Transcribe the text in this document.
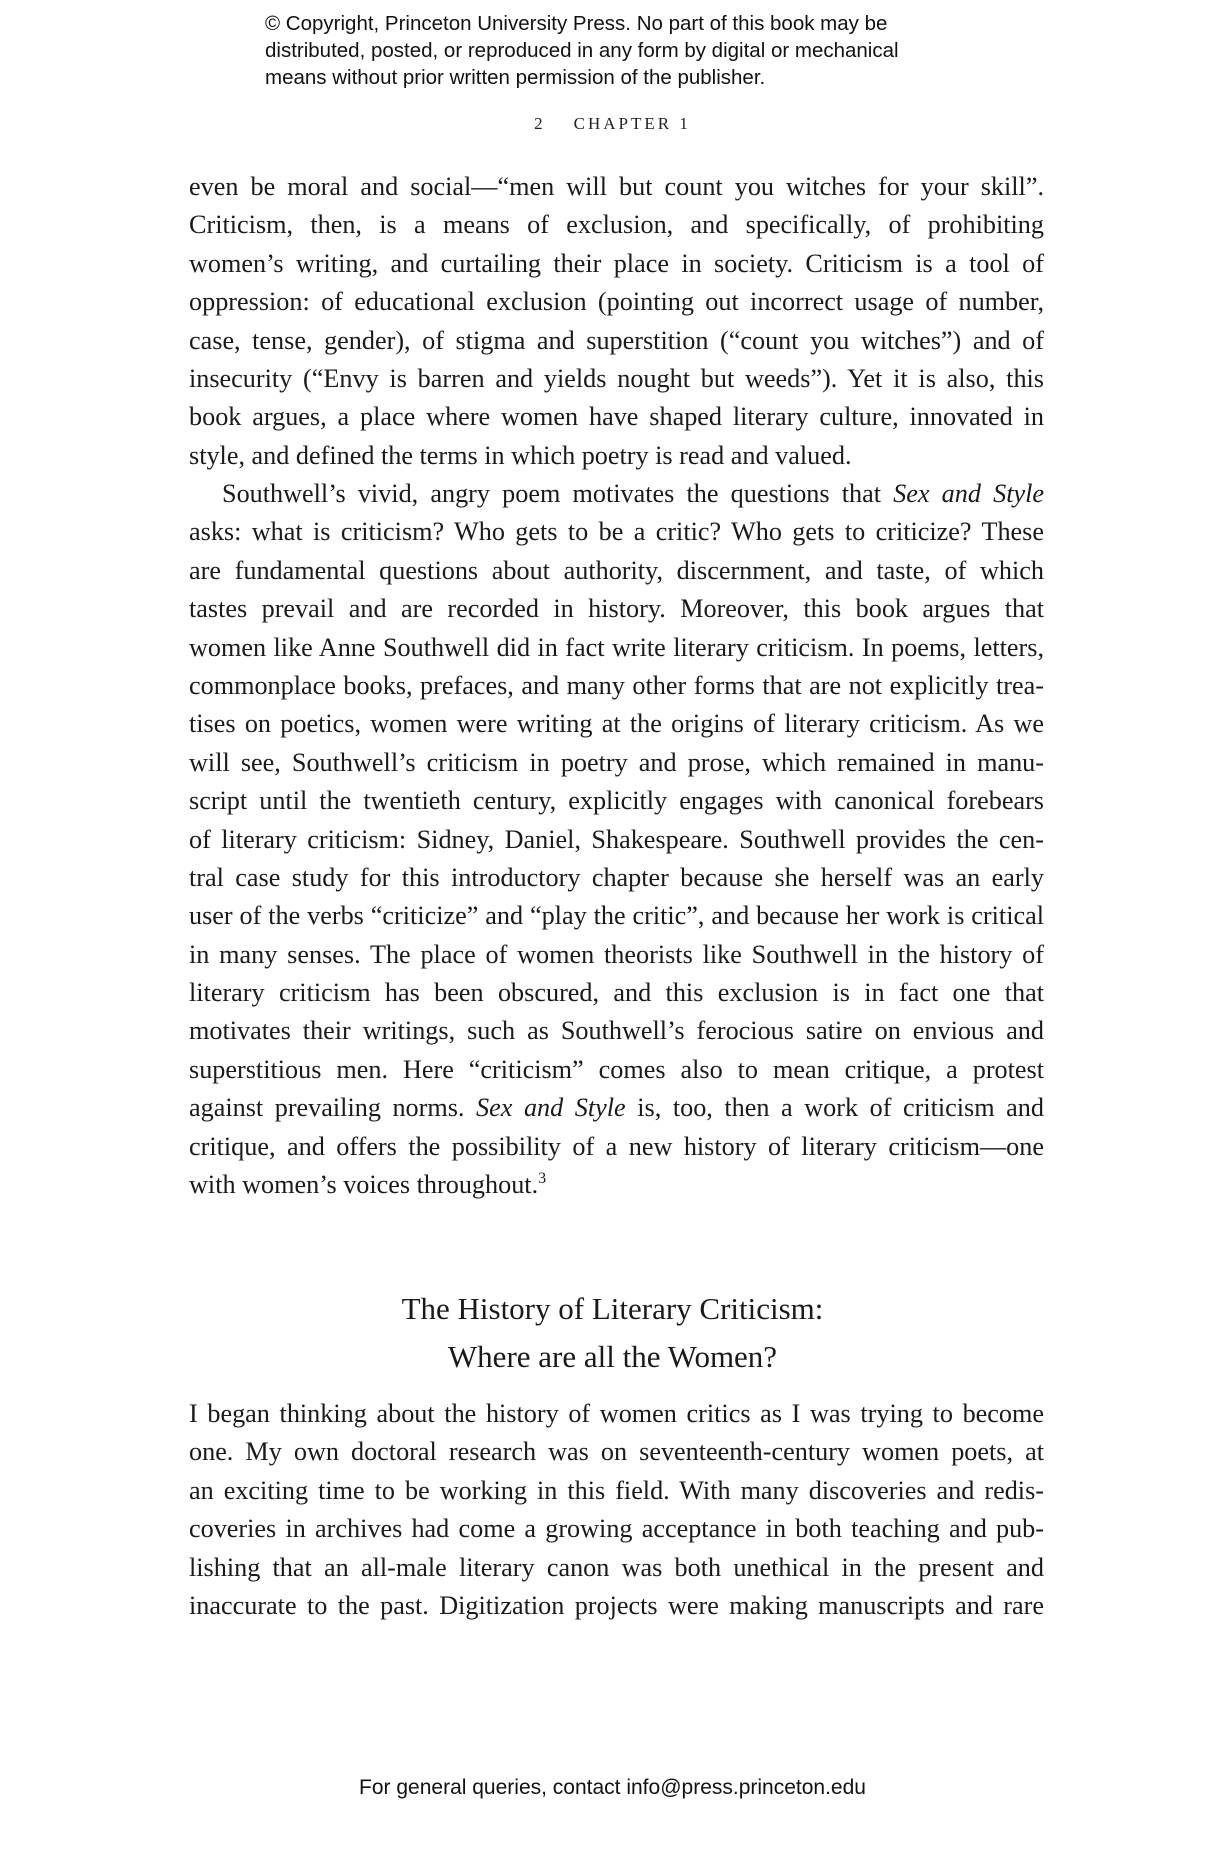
© Copyright, Princeton University Press. No part of this book may be
distributed, posted, or reproduced in any form by digital or mechanical
means without prior written permission of the publisher.
2 CHAPTER 1
even be moral and social—“men will but count you witches for your skill”.
Criticism, then, is a means of exclusion, and specifically, of prohibiting
women’s writing, and curtailing their place in society. Criticism is a tool of
oppression: of educational exclusion (pointing out incorrect usage of number,
case, tense, gender), of stigma and superstition (“count you witches”) and of
insecurity (“Envy is barren and yields nought but weeds”). Yet it is also, this
book argues, a place where women have shaped literary culture, innovated in
style, and defined the terms in which poetry is read and valued.
Southwell’s vivid, angry poem motivates the questions that Sex and Style
asks: what is criticism? Who gets to be a critic? Who gets to criticize? These
are fundamental questions about authority, discernment, and taste, of which
tastes prevail and are recorded in history. Moreover, this book argues that
women like Anne Southwell did in fact write literary criticism. In poems, letters,
commonplace books, prefaces, and many other forms that are not explicitly trea-
tises on poetics, women were writing at the origins of literary criticism. As we
will see, Southwell’s criticism in poetry and prose, which remained in manu-
script until the twentieth century, explicitly engages with canonical forebears
of literary criticism: Sidney, Daniel, Shakespeare. Southwell provides the cen-
tral case study for this introductory chapter because she herself was an early
user of the verbs “criticize” and “play the critic”, and because her work is critical
in many senses. The place of women theorists like Southwell in the history of
literary criticism has been obscured, and this exclusion is in fact one that
motivates their writings, such as Southwell’s ferocious satire on envious and
superstitious men. Here “criticism” comes also to mean critique, a protest
against prevailing norms. Sex and Style is, too, then a work of criticism and
critique, and offers the possibility of a new history of literary criticism—one
with women’s voices throughout.$^3$
The History of Literary Criticism:
Where are all the Women?
I began thinking about the history of women critics as I was trying to become
one. My own doctoral research was on seventeenth-century women poets, at
an exciting time to be working in this field. With many discoveries and redis-
coveries in archives had come a growing acceptance in both teaching and pub-
lishing that an all-male literary canon was both unethical in the present and
inaccurate to the past. Digitization projects were making manuscripts and rare
For general queries, contact info@press.princeton.edu
